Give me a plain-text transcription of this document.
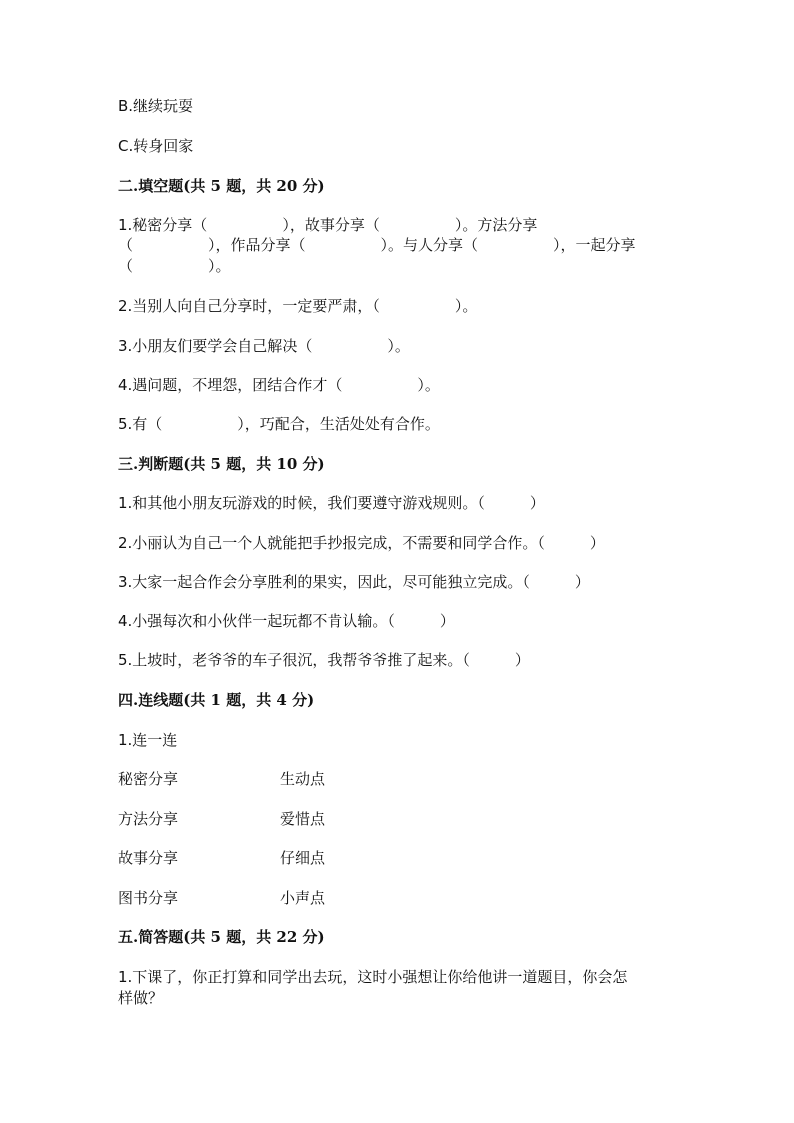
B.继续玩耍
C.转身回家
二.填空题(共 5 题，共 20 分)
1.秘密分享（　　　　　），故事分享（　　　　　）。方法分享
（　　　　　），作品分享（　　　　　）。与人分享（　　　　　），一起分享
（　　　　　）。
2.当别人向自己分享时，一定要严肃，（　　　　　）。
3.小朋友们要学会自己解决（　　　　　）。
4.遇问题，不埋怨，团结合作才（　　　　　）。
5.有（　　　　　），巧配合，生活处处有合作。
三.判断题(共 5 题，共 10 分)
1.和其他小朋友玩游戏的时候，我们要遵守游戏规则。（　　　）
2.小丽认为自己一个人就能把手抄报完成，不需要和同学合作。（　　　）
3.大家一起合作会分享胜利的果实，因此，尽可能独立完成。（　　　）
4.小强每次和小伙伴一起玩都不肯认输。（　　　）
5.上坡时，老爷爷的车子很沉，我帮爷爷推了起来。（　　　）
四.连线题(共 1 题，共 4 分)
1.连一连
秘密分享	生动点
方法分享	爱惜点
故事分享	仔细点
图书分享	小声点
五.简答题(共 5 题，共 22 分)
1.下课了，你正打算和同学出去玩，这时小强想让你给他讲一道题目，你会怎
样做？
